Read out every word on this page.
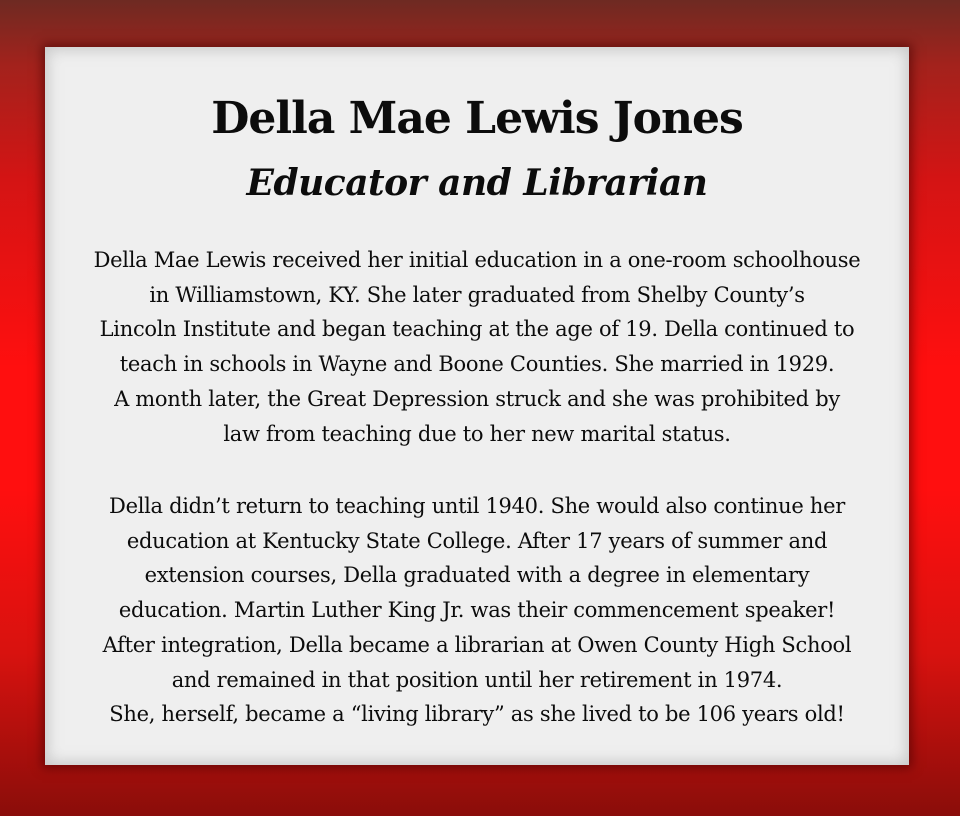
Della Mae Lewis Jones
Educator and Librarian
Della Mae Lewis received her initial education in a one-room schoolhouse
in Williamstown, KY. She later graduated from Shelby County’s
Lincoln Institute and began teaching at the age of 19. Della continued to
teach in schools in Wayne and Boone Counties. She married in 1929.
A month later, the Great Depression struck and she was prohibited by
law from teaching due to her new marital status.
Della didn’t return to teaching until 1940. She would also continue her
education at Kentucky State College. After 17 years of summer and
extension courses, Della graduated with a degree in elementary
education. Martin Luther King Jr. was their commencement speaker!
After integration, Della became a librarian at Owen County High School
and remained in that position until her retirement in 1974.
She, herself, became a “living library” as she lived to be 106 years old!
